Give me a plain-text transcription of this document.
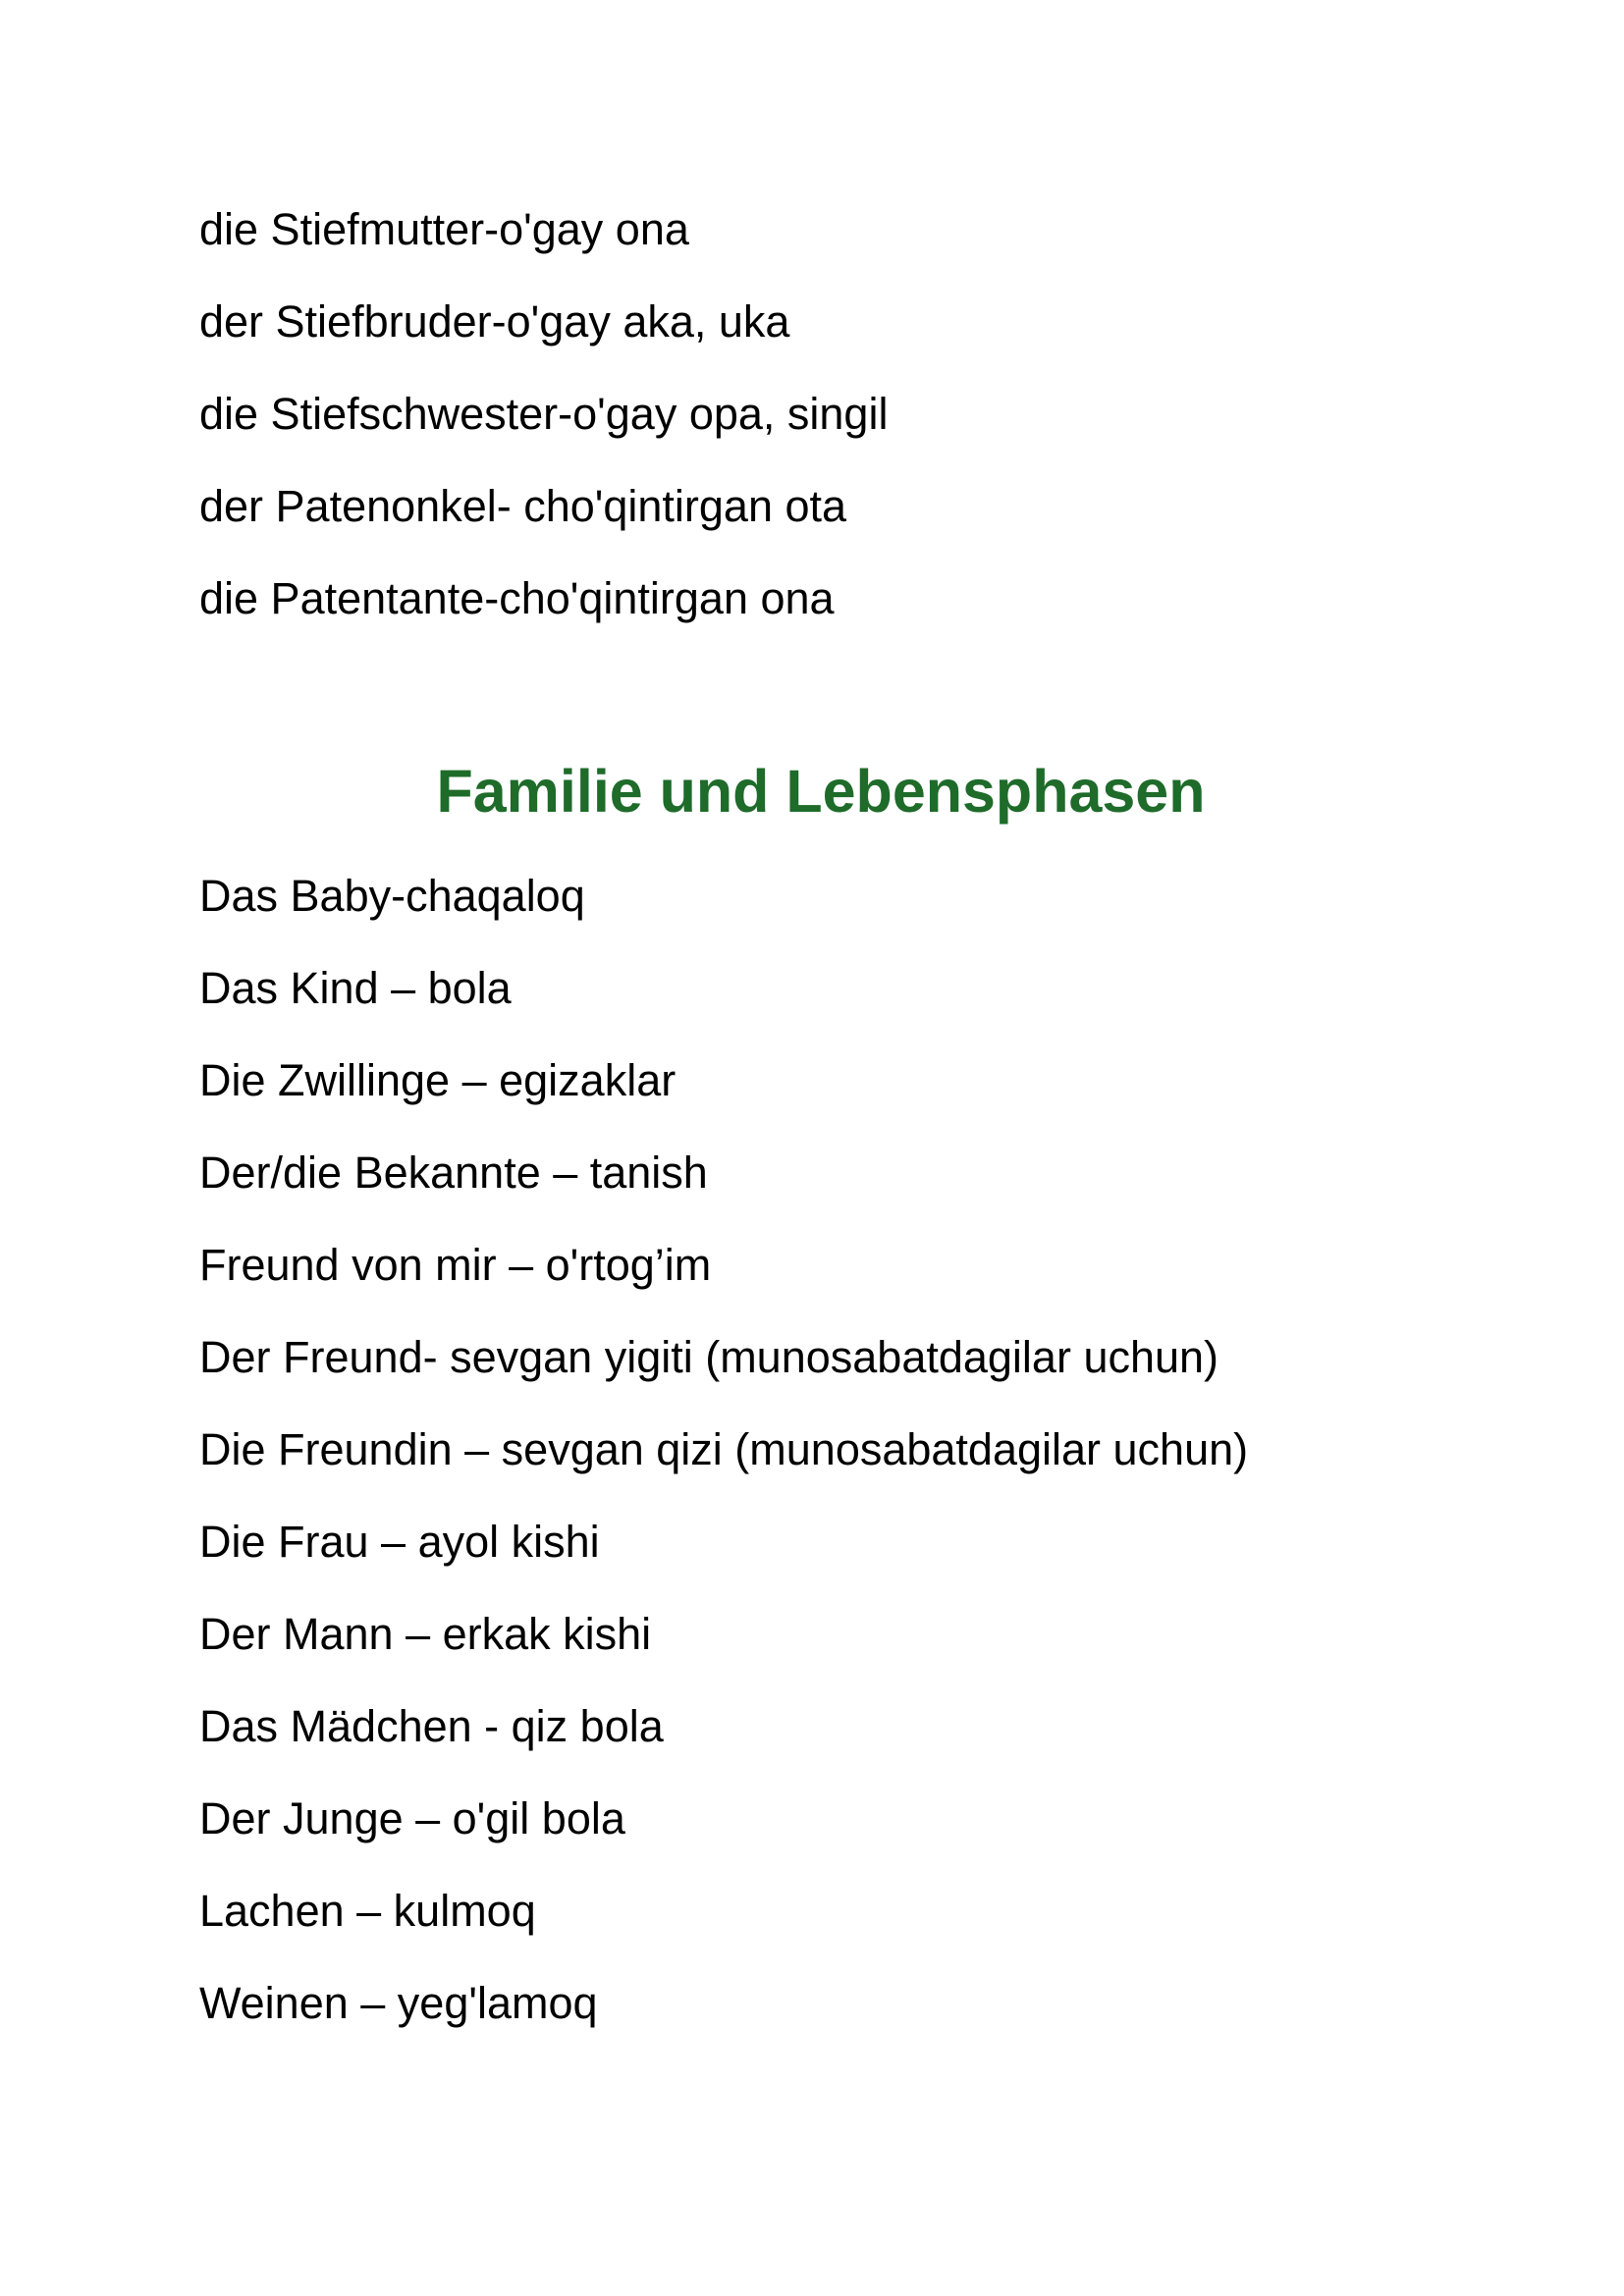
die Stiefmutter-o'gay ona
der Stiefbruder-o'gay aka, uka
die Stiefschwester-o'gay opa, singil
der Patenonkel- cho'qintirgan ota
die Patentante-cho'qintirgan ona
Familie und Lebensphasen
Das Baby-chaqaloq
Das Kind – bola
Die Zwillinge – egizaklar
Der/die Bekannte – tanish
Freund von mir – o'rtog’im
Der Freund- sevgan yigiti (munosabatdagilar uchun)
Die Freundin – sevgan qizi (munosabatdagilar uchun)
Die Frau – ayol kishi
Der Mann – erkak kishi
Das Mädchen - qiz bola
Der Junge – o'gil bola
Lachen – kulmoq
Weinen – yeg'lamoq
